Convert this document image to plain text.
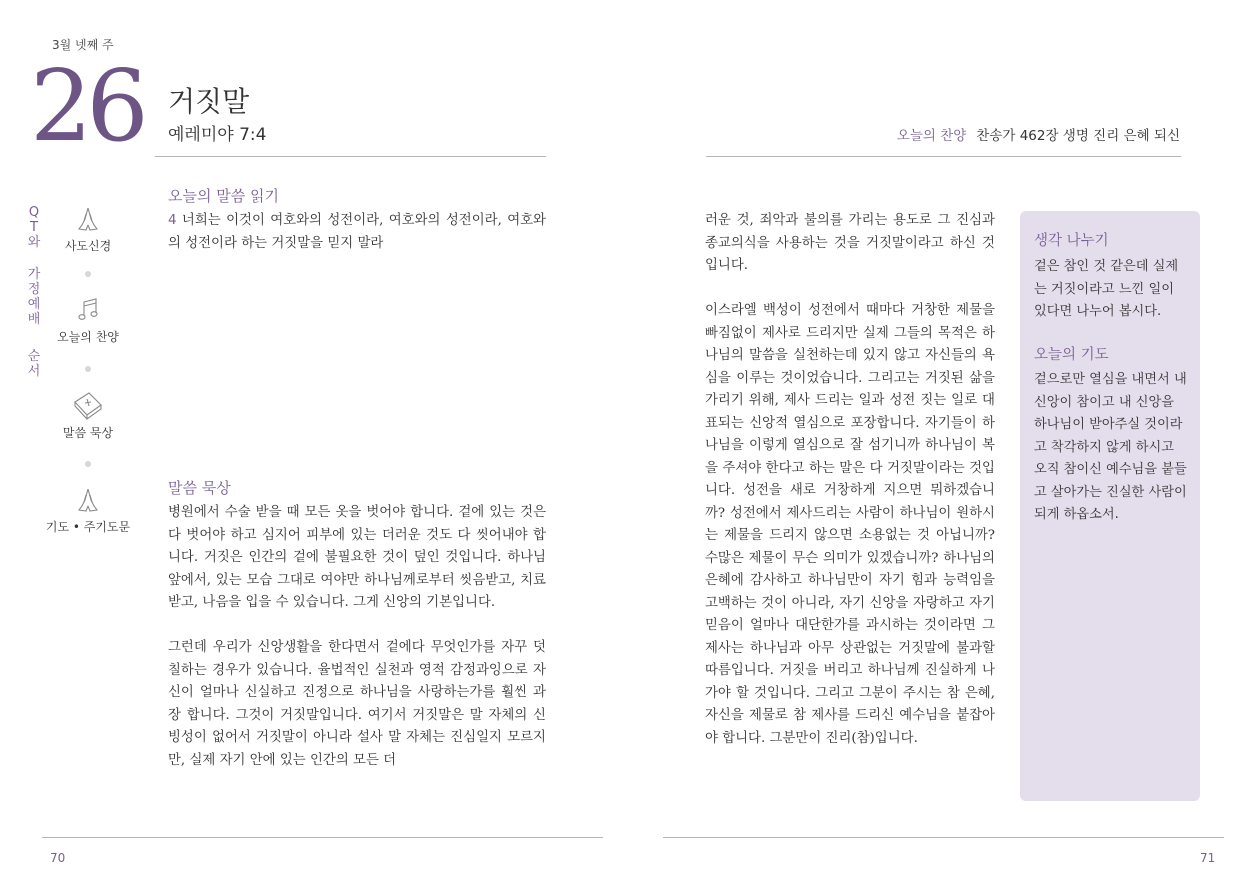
3월 넷째 주
26 거짓말
예레미야 7:4
Q
T
와
가
정
예
배
순
서
사도신경
오늘의 찬양
말씀 묵상
기도 • 주기도문
오늘의 말씀 읽기
4 너희는 이것이 여호와의 성전이라, 여호와의 성전이라, 여호와의 성전이라 하는 거짓말을 믿지 말라
말씀 묵상

병원에서 수술 받을 때 모든 옷을 벗어야 합니다. 겉에 있는 것은 다 벗어야 하고 심지어 피부에 있는 더러운 것도 다 씻어내야 합니다. 거짓은 인간의 겉에 불필요한 것이 덮인 것입니다. 하나님 앞에서, 있는 모습 그대로 여야만 하나님께로부터 씻음받고, 치료받고, 나음을 입을 수 있습니다. 그게 신앙의 기본입니다.

그런데 우리가 신앙생활을 한다면서 겉에다 무엇인가를 자꾸 덧칠하는 경우가 있습니다. 율법적인 실천과 영적 감정과잉으로 자신이 얼마나 신실하고 진정으로 하나님을 사랑하는가를 훨씬 과장 합니다. 그것이 거짓말입니다. 여기서 거짓말은 말 자체의 신빙성이 없어서 거짓말이 아니라 설사 말 자체는 진심일지 모르지만, 실제 자기 안에 있는 인간의 모든 더

70
오늘의 찬양 찬송가 462장 생명 진리 은혜 되신

러운 것, 죄악과 불의를 가리는 용도로 그 진심과 종교의식을 사용하는 것을 거짓말이라고 하신 것입니다.

이스라엘 백성이 성전에서 때마다 거창한 제물을 빠짐없이 제사로 드리지만 실제 그들의 목적은 하나님의 말씀을 실천하는데 있지 않고 자신들의 욕심을 이루는 것이었습니다. 그리고는 거짓된 삶을 가리기 위해, 제사 드리는 일과 성전 짓는 일로 대표되는 신앙적 열심으로 포장합니다. 자기들이 하나님을 이렇게 열심으로 잘 섬기니까 하나님이 복을 주셔야 한다고 하는 말은 다 거짓말이라는 것입니다. 성전을 새로 거창하게 지으면 뭐하겠습니까? 성전에서 제사드리는 사람이 하나님이 원하시는 제물을 드리지 않으면 소용없는 것 아닙니까? 수많은 제물이 무슨 의미가 있겠습니까? 하나님의 은혜에 감사하고 하나님만이 자기 힘과 능력임을 고백하는 것이 아니라, 자기 신앙을 자랑하고 자기 믿음이 얼마나 대단한가를 과시하는 것이라면 그 제사는 하나님과 아무 상관없는 거짓말에 불과할 따름입니다. 거짓을 버리고 하나님께 진실하게 나가야 할 것입니다. 그리고 그분이 주시는 참 은혜, 자신을 제물로 참 제사를 드리신 예수님을 붙잡아야 합니다. 그분만이 진리(참)입니다.

생각 나누기
겉은 참인 것 같은데 실제는 거짓이라고 느낀 일이 있다면 나누어 봅시다.
오늘의 기도
겉으로만 열심을 내면서 내 신앙이 참이고 내 신앙을 하나님이 받아주실 것이라고 착각하지 않게 하시고 오직 참이신 예수님을 붙들고 살아가는 진실한 사람이 되게 하옵소서.
71
